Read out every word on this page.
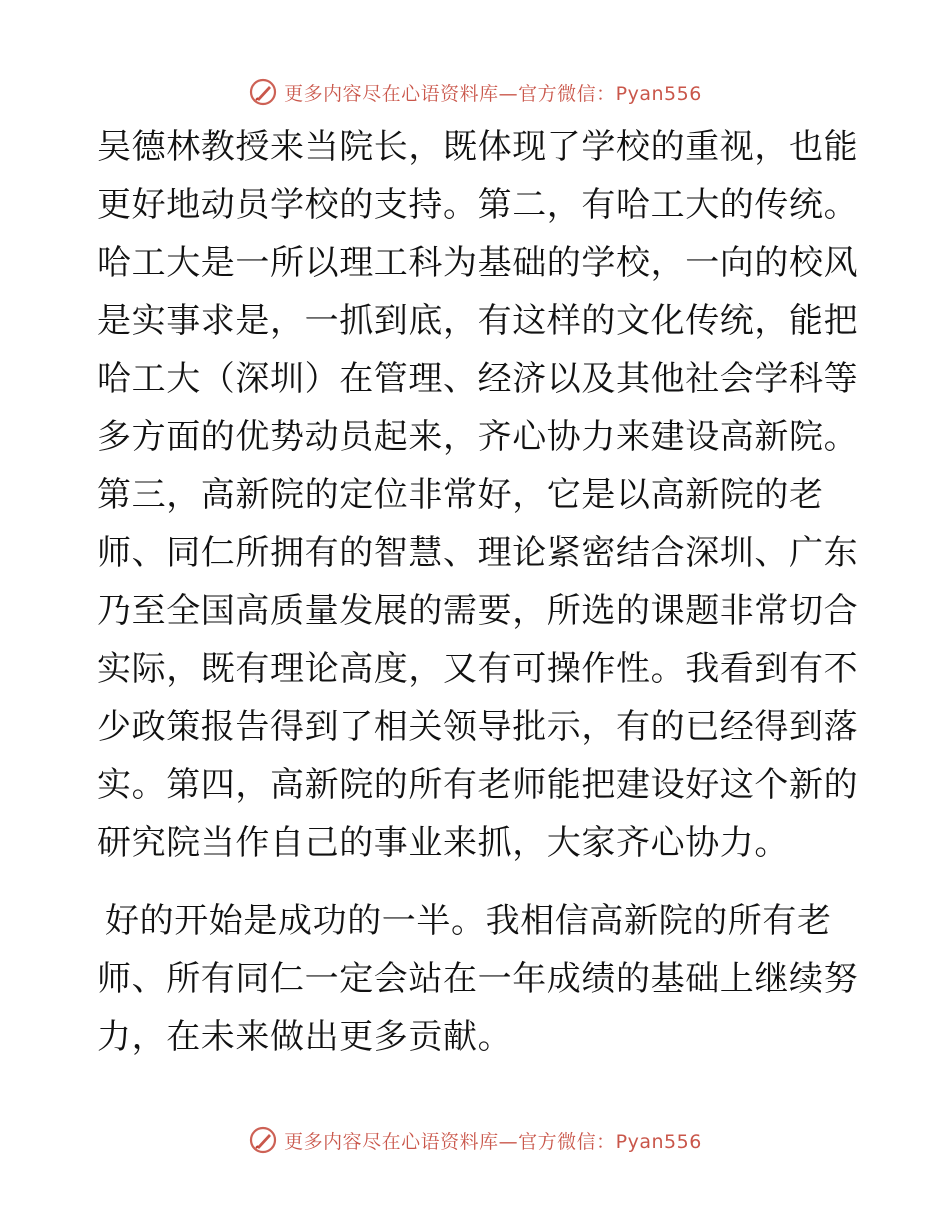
更多内容尽在心语资料库—官方微信：Pyan556
吴德林教授来当院长，既体现了学校的重视，也能
更好地动员学校的支持。第二，有哈工大的传统。
哈工大是一所以理工科为基础的学校，一向的校风
是实事求是，一抓到底，有这样的文化传统，能把
哈工大（深圳）在管理、经济以及其他社会学科等
多方面的优势动员起来，齐心协力来建设高新院。
第三，高新院的定位非常好，它是以高新院的老
师、同仁所拥有的智慧、理论紧密结合深圳、广东
乃至全国高质量发展的需要，所选的课题非常切合
实际，既有理论高度，又有可操作性。我看到有不
少政策报告得到了相关领导批示，有的已经得到落
实。第四，高新院的所有老师能把建设好这个新的
研究院当作自己的事业来抓，大家齐心协力。
好的开始是成功的一半。我相信高新院的所有老
师、所有同仁一定会站在一年成绩的基础上继续努
力，在未来做出更多贡献。
更多内容尽在心语资料库—官方微信：Pyan556
